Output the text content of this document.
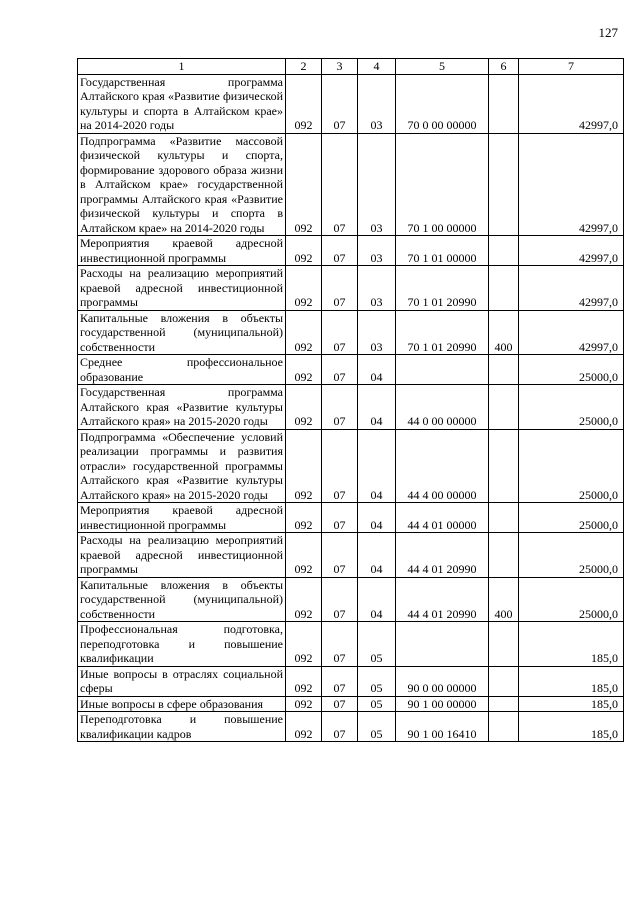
127
1	2	3	4	5	6	7
Государственная программа Алтайского края «Развитие физической культуры и спорта в Алтайском крае» на 2014-2020 годы	092	07	03	70 0 00 00000		42997,0
Подпрограмма «Развитие массовой физической культуры и спорта, формирование здорового образа жизни в Алтайском крае» государственной программы Алтайского края «Развитие физической культуры и спорта в Алтайском крае» на 2014-2020 годы	092	07	03	70 1 00 00000		42997,0
Мероприятия краевой адресной инвестиционной программы	092	07	03	70 1 01 00000		42997,0
Расходы на реализацию мероприятий краевой адресной инвестиционной программы	092	07	03	70 1 01 20990		42997,0
Капитальные вложения в объекты государственной (муниципальной) собственности	092	07	03	70 1 01 20990	400	42997,0
Среднее профессиональное образование	092	07	04			25000,0
Государственная программа Алтайского края «Развитие культуры Алтайского края» на 2015-2020 годы	092	07	04	44 0 00 00000		25000,0
Подпрограмма «Обеспечение условий реализации программы и развития отрасли» государственной программы Алтайского края «Развитие культуры Алтайского края» на 2015-2020 годы	092	07	04	44 4 00 00000		25000,0
Мероприятия краевой адресной инвестиционной программы	092	07	04	44 4 01 00000		25000,0
Расходы на реализацию мероприятий краевой адресной инвестиционной программы	092	07	04	44 4 01 20990		25000,0
Капитальные вложения в объекты государственной (муниципальной) собственности	092	07	04	44 4 01 20990	400	25000,0
Профессиональная подготовка, переподготовка и повышение квалификации	092	07	05			185,0
Иные вопросы в отраслях социальной сферы	092	07	05	90 0 00 00000		185,0
Иные вопросы в сфере образования	092	07	05	90 1 00 00000		185,0
Переподготовка и повышение квалификации кадров	092	07	05	90 1 00 16410		185,0
